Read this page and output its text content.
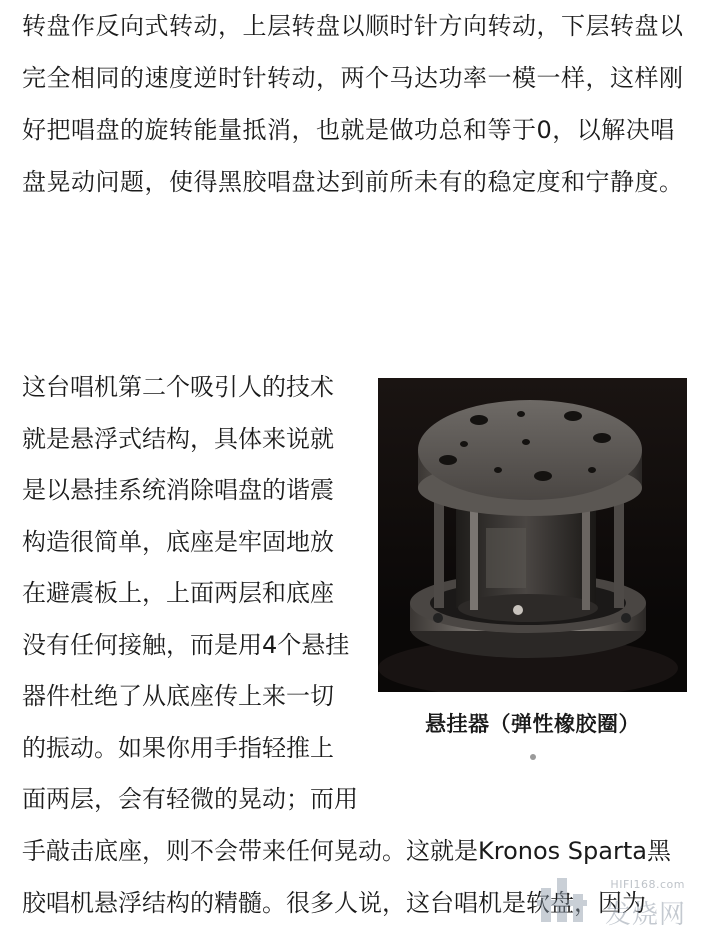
转盘作反向式转动，上层转盘以顺时针方向转动，下层转盘以完全相同的速度逆时针转动，两个马达功率一模一样，这样刚好把唱盘的旋转能量抵消，也就是做功总和等于0，以解决唱盘晃动问题，使得黑胶唱盘达到前所未有的稳定度和宁静度。

这台唱机第二个吸引人的技术
就是悬浮式结构，具体来说就
是以悬挂系统消除唱盘的谐震
构造很简单，底座是牢固地放
在避震板上，上面两层和底座
没有任何接触，而是用4个悬挂
器件杜绝了从底座传上来一切
的振动。如果你用手指轻推上
面两层，会有轻微的晃动；而用
悬挂器（弹性橡胶圈）
手敲击底座，则不会带来任何晃动。这就是Kronos Sparta黑
胶唱机悬浮结构的精髓。很多人说，这台唱机是软盘，因为
HIFI168.com
发烧网
